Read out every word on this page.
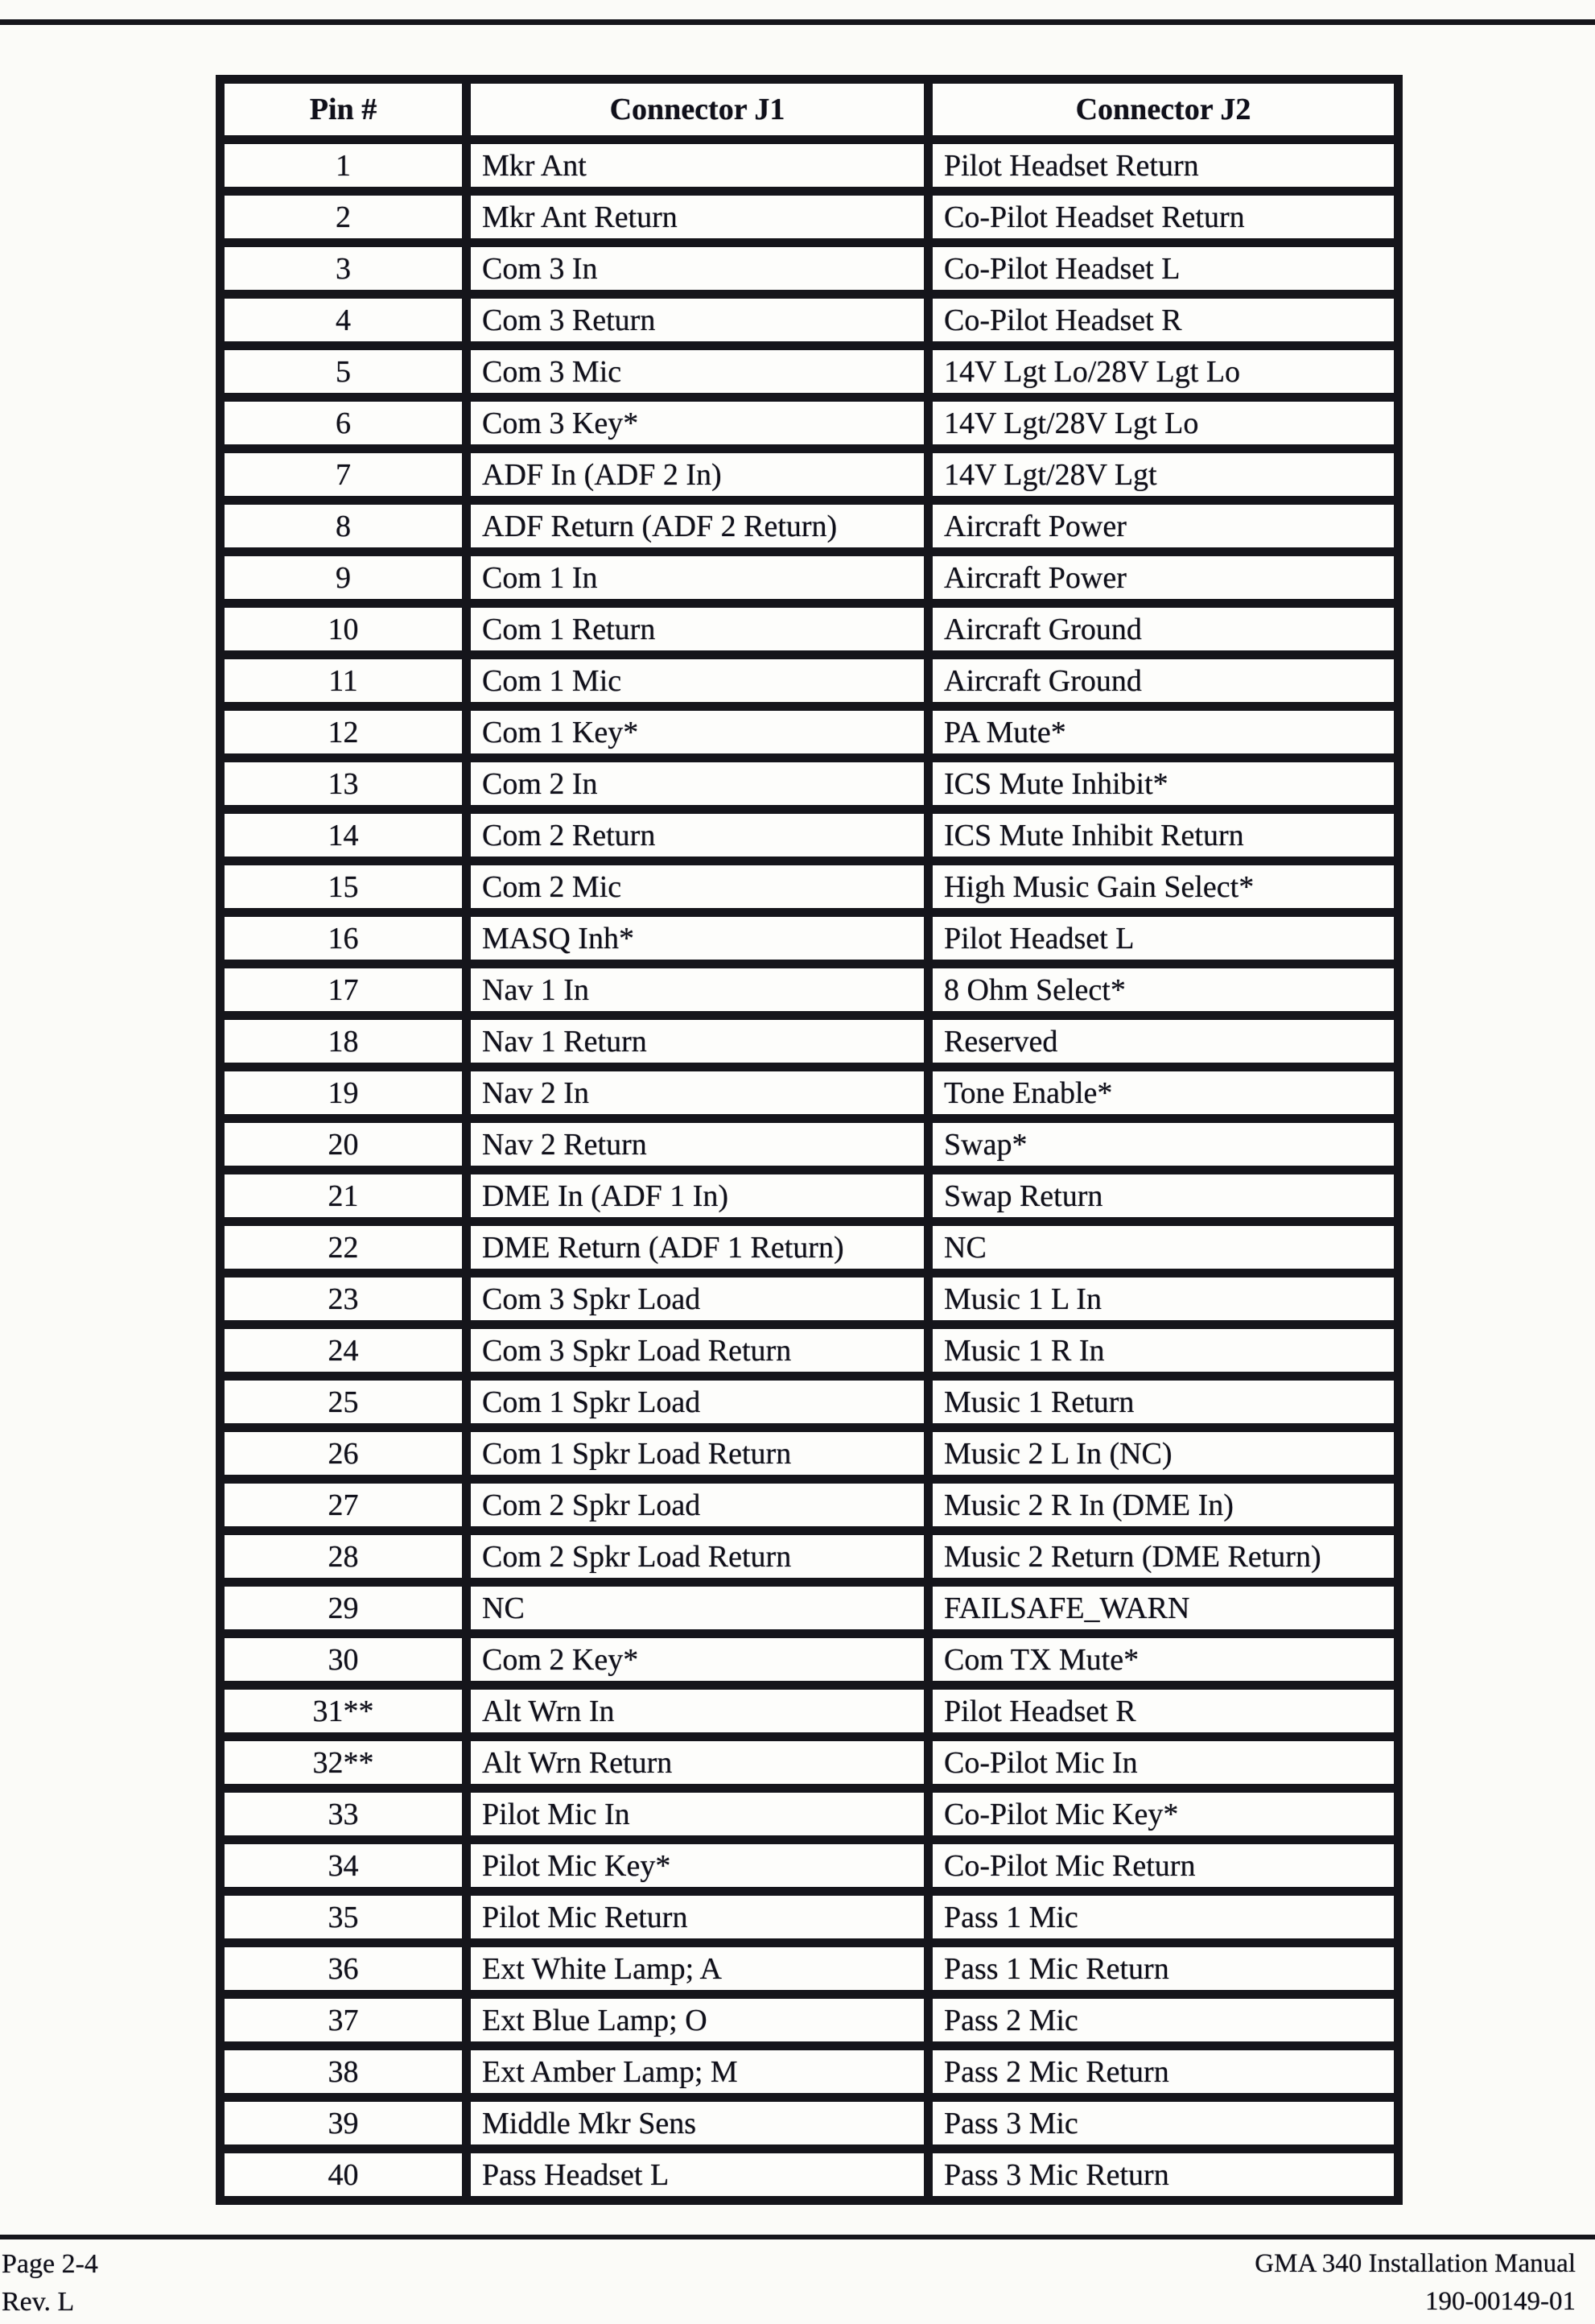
Pin #	Connector J1	Connector J2
1	Mkr Ant	Pilot Headset Return
2	Mkr Ant Return	Co-Pilot Headset Return
3	Com 3 In	Co-Pilot Headset L
4	Com 3 Return	Co-Pilot Headset R
5	Com 3 Mic	14V Lgt Lo/28V Lgt Lo
6	Com 3 Key*	14V Lgt/28V Lgt Lo
7	ADF In (ADF 2 In)	14V Lgt/28V Lgt
8	ADF Return (ADF 2 Return)	Aircraft Power
9	Com 1 In	Aircraft Power
10	Com 1 Return	Aircraft Ground
11	Com 1 Mic	Aircraft Ground
12	Com 1 Key*	PA Mute*
13	Com 2 In	ICS Mute Inhibit*
14	Com 2 Return	ICS Mute Inhibit Return
15	Com 2 Mic	High Music Gain Select*
16	MASQ Inh*	Pilot Headset L
17	Nav 1 In	8 Ohm Select*
18	Nav 1 Return	Reserved
19	Nav 2 In	Tone Enable*
20	Nav 2 Return	Swap*
21	DME In (ADF 1 In)	Swap Return
22	DME Return (ADF 1 Return)	NC
23	Com 3 Spkr Load	Music 1 L In
24	Com 3 Spkr Load Return	Music 1 R In
25	Com 1 Spkr Load	Music 1 Return
26	Com 1 Spkr Load Return	Music 2 L In (NC)
27	Com 2 Spkr Load	Music 2 R In (DME In)
28	Com 2 Spkr Load Return	Music 2 Return (DME Return)
29	NC	FAILSAFE_WARN
30	Com 2 Key*	Com TX Mute*
31**	Alt Wrn In	Pilot Headset R
32**	Alt Wrn Return	Co-Pilot Mic In
33	Pilot Mic In	Co-Pilot Mic Key*
34	Pilot Mic Key*	Co-Pilot Mic Return
35	Pilot Mic Return	Pass 1 Mic
36	Ext White Lamp; A	Pass 1 Mic Return
37	Ext Blue Lamp; O	Pass 2 Mic
38	Ext Amber Lamp; M	Pass 2 Mic Return
39	Middle Mkr Sens	Pass 3 Mic
40	Pass Headset L	Pass 3 Mic Return
Page 2-4
Rev. L
GMA 340 Installation Manual
190-00149-01
